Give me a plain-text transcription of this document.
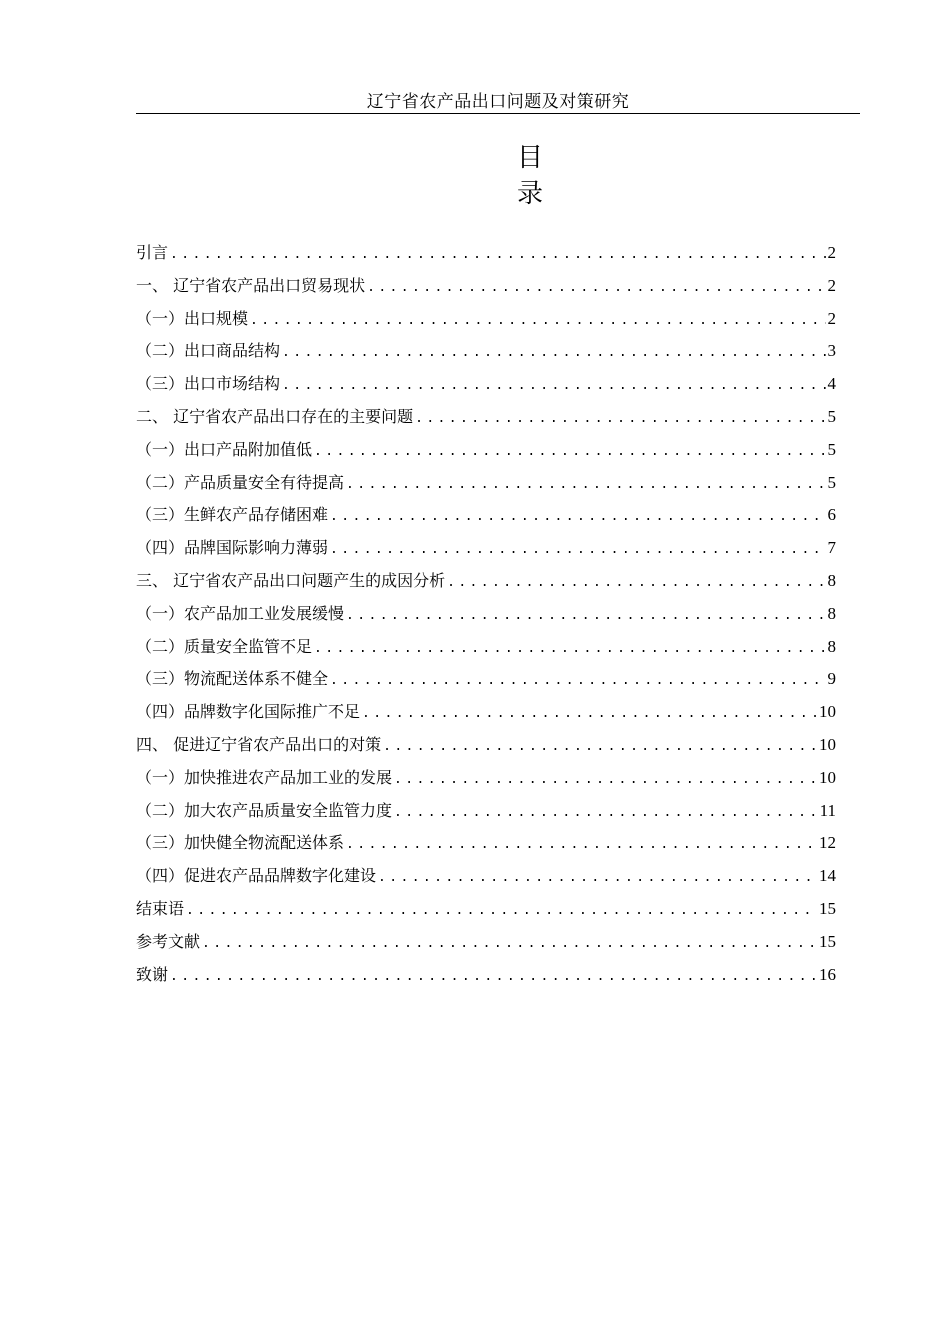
辽宁省农产品出口问题及对策研究
目 录
引言 .....	2
一、 辽宁省农产品出口贸易现状 .....	2
（一）出口规模 .....	2
（二）出口商品结构 .....	3
（三）出口市场结构 .....	4
二、 辽宁省农产品出口存在的主要问题 .....	5
（一）出口产品附加值低 .....	5
（二）产品质量安全有待提高 .....	5
（三）生鲜农产品存储困难 .....	6
（四）品牌国际影响力薄弱 .....	7
三、 辽宁省农产品出口问题产生的成因分析 .....	8
（一）农产品加工业发展缓慢 .....	8
（二）质量安全监管不足 .....	8
（三）物流配送体系不健全 .....	9
（四）品牌数字化国际推广不足 .....	10
四、 促进辽宁省农产品出口的对策 .....	10
（一）加快推进农产品加工业的发展 .....	10
（二）加大农产品质量安全监管力度 .....	11
（三）加快健全物流配送体系 .....	12
（四）促进农产品品牌数字化建设 .....	14
结束语 .....	15
参考文献 .....	15
致谢 .....	16
